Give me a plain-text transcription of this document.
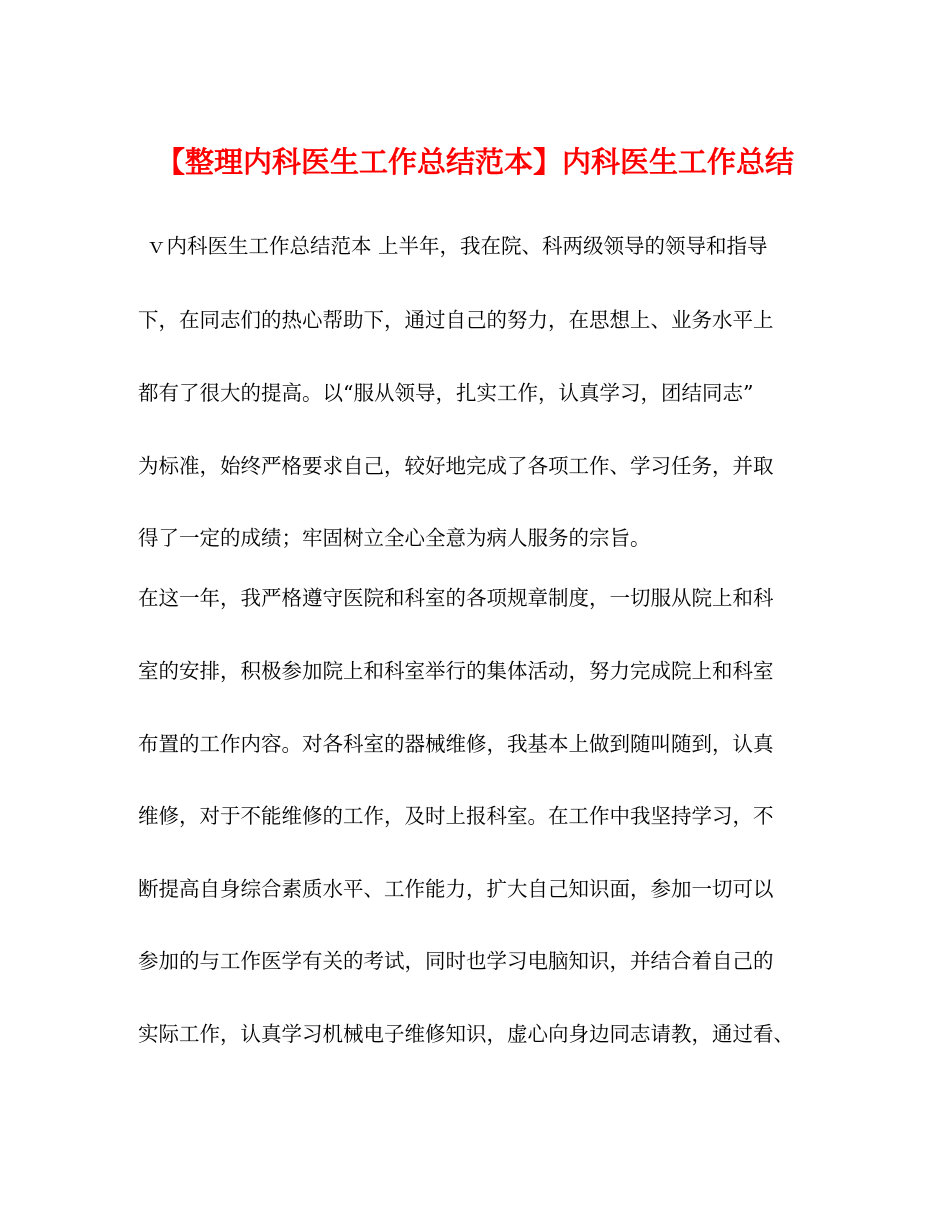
【整理内科医生工作总结范本】内科医生工作总结
ｖ内科医生工作总结范本 上半年，我在院、科两级领导的领导和指导
下，在同志们的热心帮助下，通过自己的努力，在思想上、业务水平上
都有了很大的提高。以“服从领导，扎实工作，认真学习，团结同志”
为标准，始终严格要求自己，较好地完成了各项工作、学习任务，并取
得了一定的成绩；牢固树立全心全意为病人服务的宗旨。
在这一年，我严格遵守医院和科室的各项规章制度，一切服从院上和科
室的安排，积极参加院上和科室举行的集体活动，努力完成院上和科室
布置的工作内容。对各科室的器械维修，我基本上做到随叫随到，认真
维修，对于不能维修的工作，及时上报科室。在工作中我坚持学习，不
断提高自身综合素质水平、工作能力，扩大自己知识面，参加一切可以
参加的与工作医学有关的考试，同时也学习电脑知识，并结合着自己的
实际工作，认真学习机械电子维修知识，虚心向身边同志请教，通过看、
